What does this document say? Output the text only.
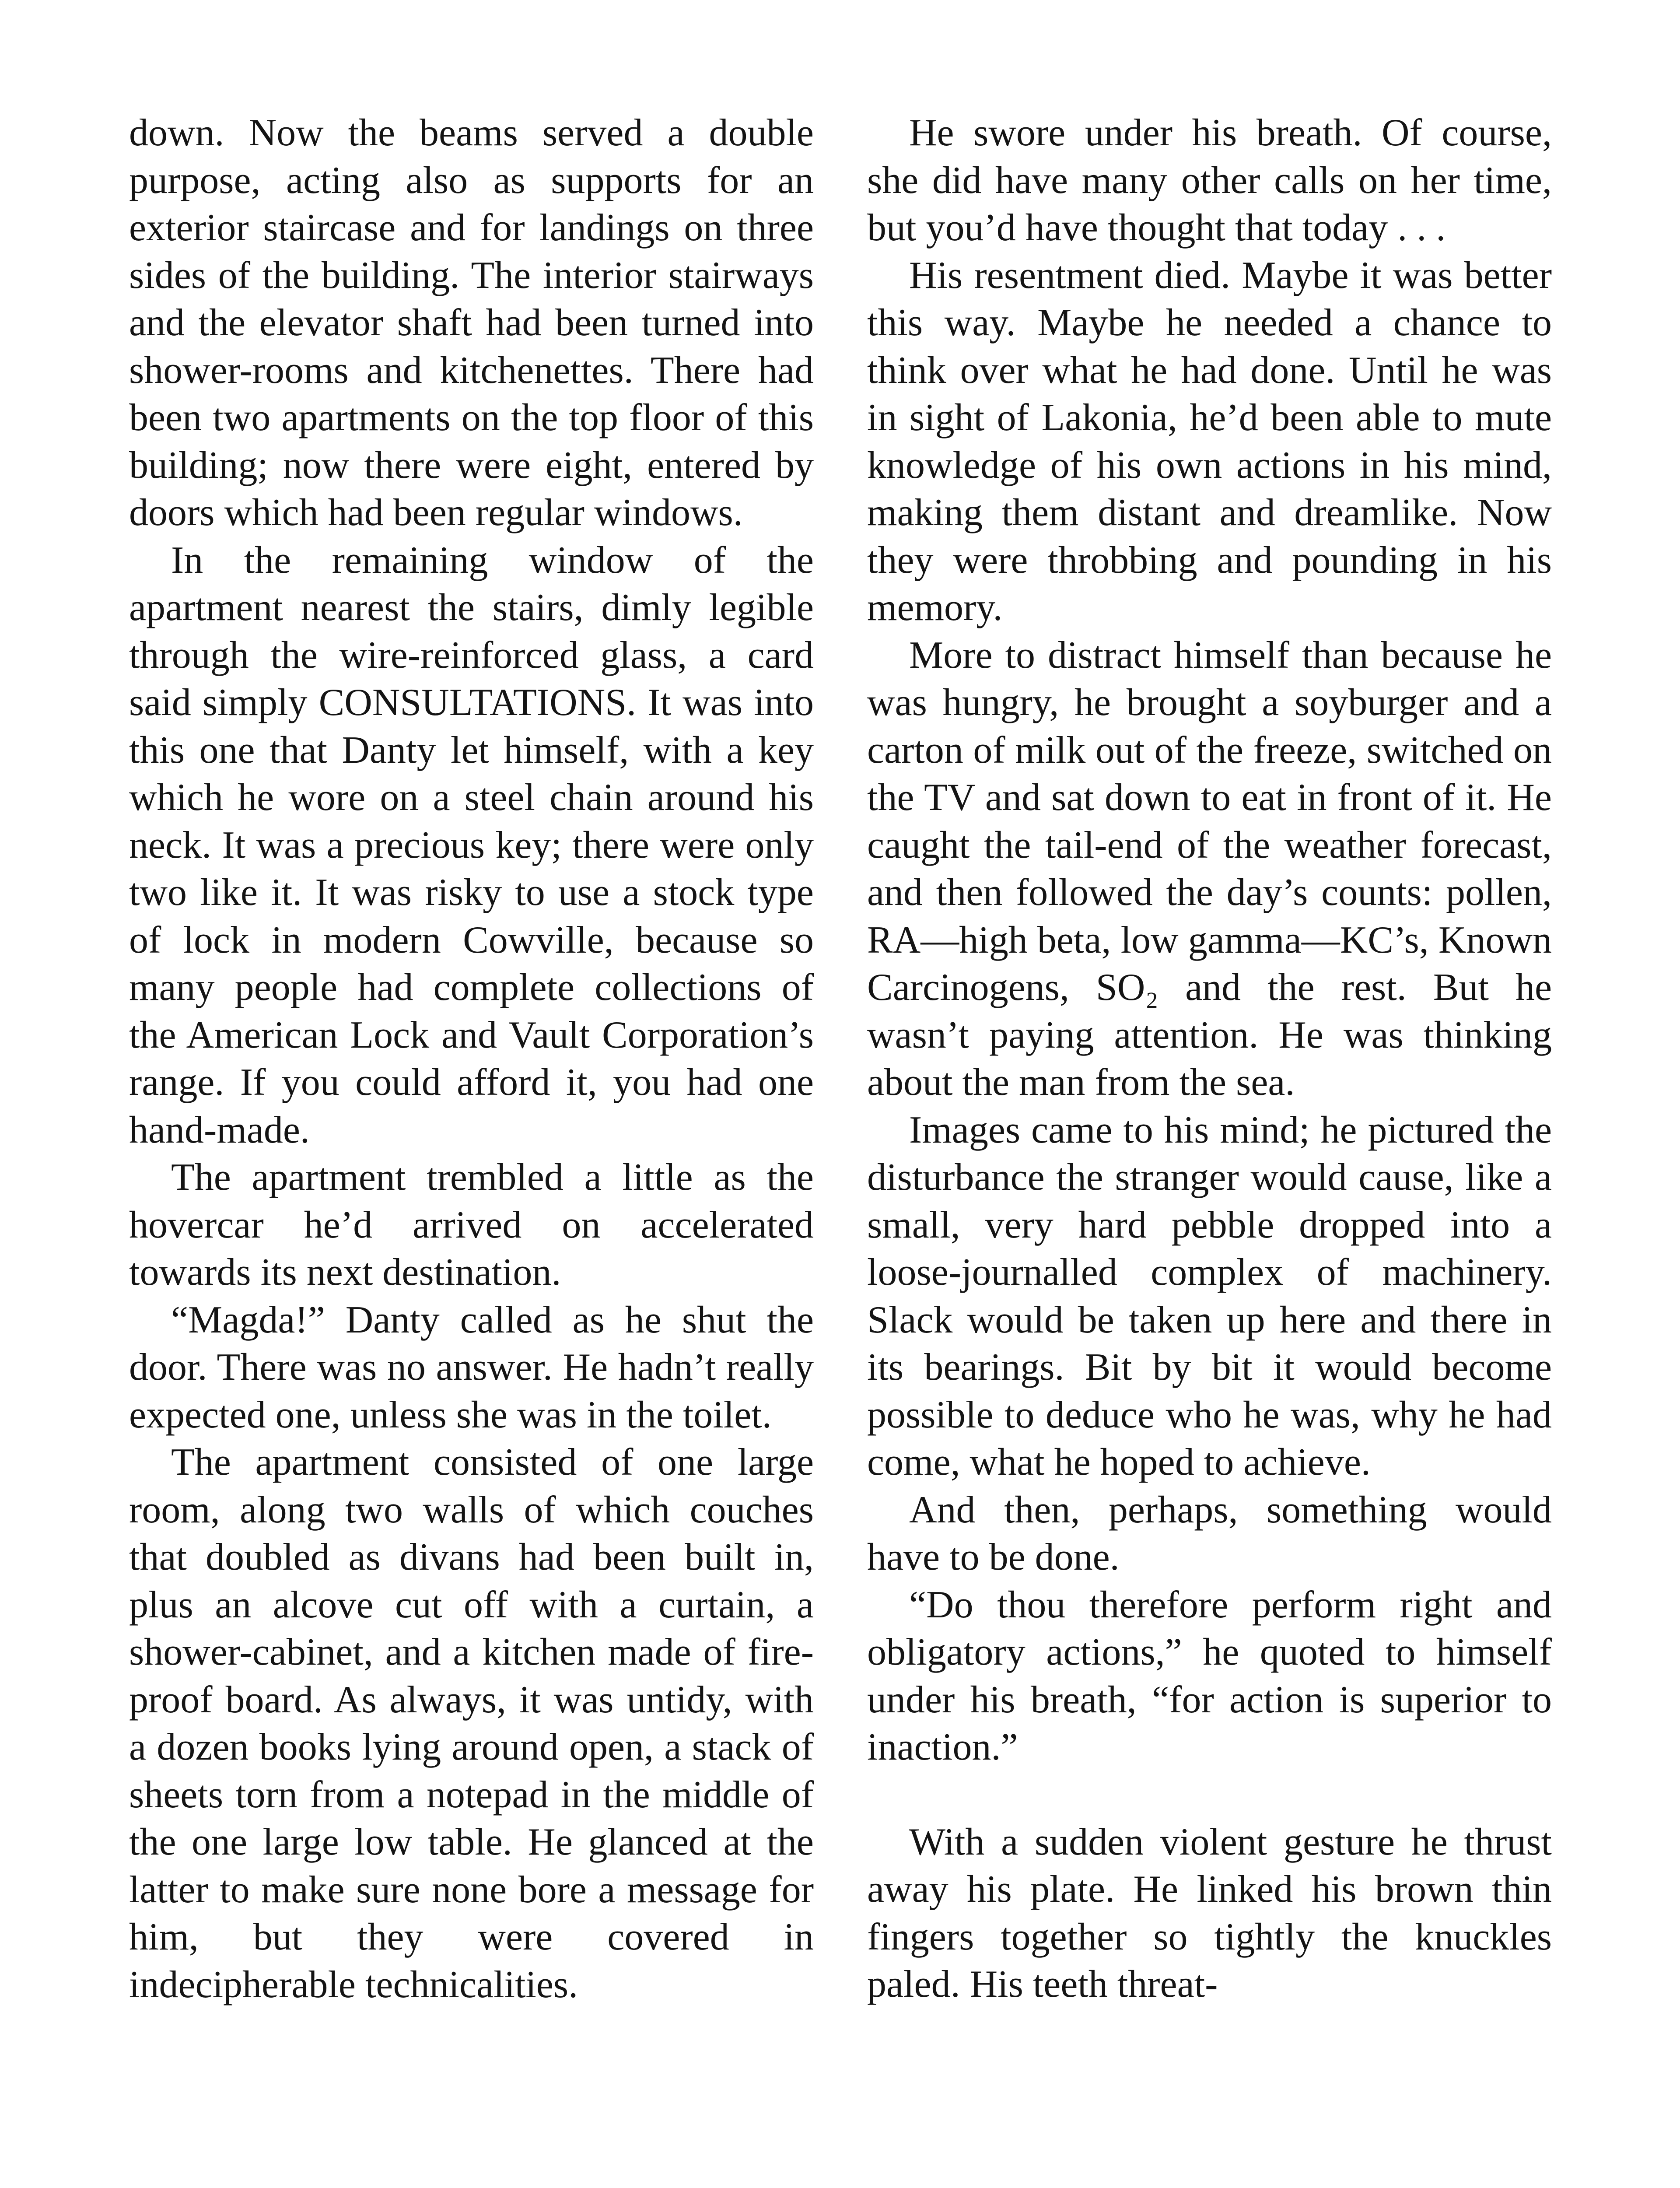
down. Now the beams served a double purpose, acting also as supports for an exterior staircase and for landings on three sides of the building. The interior stairways and the elevator shaft had been turned into shower-rooms and kitchenettes. There had been two apartments on the top floor of this building; now there were eight, entered by doors which had been regular windows.

In the remaining window of the apartment nearest the stairs, dimly legible through the wire-reinforced glass, a card said simply CONSULTATIONS. It was into this one that Danty let himself, with a key which he wore on a steel chain around his neck. It was a precious key; there were only two like it. It was risky to use a stock type of lock in modern Cowville, because so many people had complete collections of the American Lock and Vault Corporation’s range. If you could afford it, you had one hand-made.

The apartment trembled a little as the hovercar he’d arrived on accelerated towards its next destination.

“Magda!” Danty called as he shut the door. There was no answer. He hadn’t really expected one, unless she was in the toilet.

The apartment consisted of one large room, along two walls of which couches that doubled as divans had been built in, plus an alcove cut off with a curtain, a shower-cabinet, and a kitchen made of fire-proof board. As always, it was untidy, with a dozen books lying around open, a stack of sheets torn from a notepad in the middle of the one large low table. He glanced at the latter to make sure none bore a message for him, but they were covered in indecipherable technicalities.

He swore under his breath. Of course, she did have many other calls on her time, but you’d have thought that today . . .

His resentment died. Maybe it was better this way. Maybe he needed a chance to think over what he had done. Until he was in sight of Lakonia, he’d been able to mute knowledge of his own actions in his mind, making them distant and dreamlike. Now they were throbbing and pounding in his memory.

More to distract himself than because he was hungry, he brought a soyburger and a carton of milk out of the freeze, switched on the TV and sat down to eat in front of it. He caught the tail-end of the weather forecast, and then followed the day’s counts: pollen, RA—high beta, low gamma—KC’s, Known Carcinogens, SO₂ and the rest. But he wasn’t paying attention. He was thinking about the man from the sea.

Images came to his mind; he pictured the disturbance the stranger would cause, like a small, very hard pebble dropped into a loose-journalled complex of machinery. Slack would be taken up here and there in its bearings. Bit by bit it would become possible to deduce who he was, why he had come, what he hoped to achieve.

And then, perhaps, something would have to be done.

“Do thou therefore perform right and obligatory actions,” he quoted to himself under his breath, “for action is superior to inaction.”

With a sudden violent gesture he thrust away his plate. He linked his brown thin fingers together so tightly the knuckles paled. His teeth threat-
